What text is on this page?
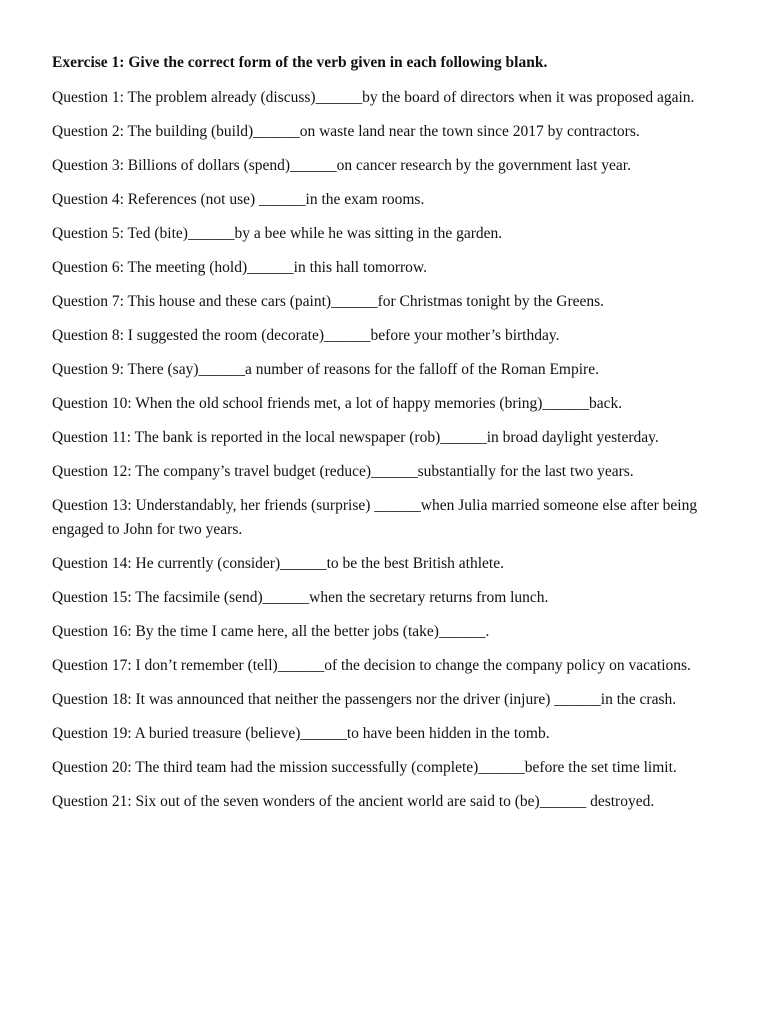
Exercise 1: Give the correct form of the verb given in each following blank.
Question 1: The problem already (discuss)______by the board of directors when it was proposed again.
Question 2: The building (build)______on waste land near the town since 2017 by contractors.
Question 3: Billions of dollars (spend)______on cancer research by the government last year.
Question 4: References (not use) ______in the exam rooms.
Question 5: Ted (bite)______by a bee while he was sitting in the garden.
Question 6: The meeting (hold)______in this hall tomorrow.
Question 7: This house and these cars (paint)______for Christmas tonight by the Greens.
Question 8: I suggested the room (decorate)______before your mother’s birthday.
Question 9: There (say)______a number of reasons for the falloff of the Roman Empire.
Question 10: When the old school friends met, a lot of happy memories (bring)______back.
Question 11: The bank is reported in the local newspaper (rob)______in broad daylight yesterday.
Question 12: The company’s travel budget (reduce)______substantially for the last two years.
Question 13: Understandably, her friends (surprise) ______when Julia married someone else after being engaged to John for two years.
Question 14: He currently (consider)______to be the best British athlete.
Question 15: The facsimile (send)______when the secretary returns from lunch.
Question 16: By the time I came here, all the better jobs (take)______.
Question 17: I don’t remember (tell)______of the decision to change the company policy on vacations.
Question 18: It was announced that neither the passengers nor the driver (injure) ______in the crash.
Question 19: A buried treasure (believe)______to have been hidden in the tomb.
Question 20: The third team had the mission successfully (complete)______before the set time limit.
Question 21: Six out of the seven wonders of the ancient world are said to (be)______ destroyed.
